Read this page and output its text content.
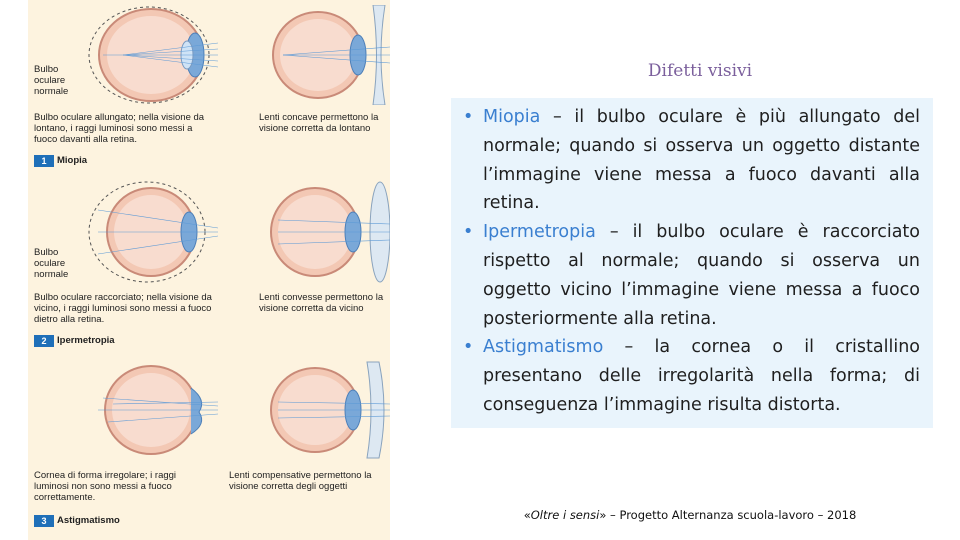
Bulbo oculare normale
Bulbo oculare allungato; nella visione da lontano, i raggi luminosi sono messi a fuoco davanti alla retina.
Lenti concave permettono la visione corretta da lontano
1	Miopia
Bulbo oculare normale
Bulbo oculare raccorciato; nella visione da vicino, i raggi luminosi sono messi a fuoco dietro alla retina.
Lenti convesse permettono la visione corretta da vicino
2	Ipermetropia
Cornea di forma irregolare; i raggi luminosi non sono messi a fuoco correttamente.
Lenti compensative permettono la visione corretta degli oggetti
3	Astigmatismo
Difetti visivi
• Miopia – il bulbo oculare è più allungato del normale; quando si osserva un oggetto distante l’immagine viene messa a fuoco davanti alla retina.
• Ipermetropia – il bulbo oculare è raccorciato rispetto al normale; quando si osserva un oggetto vicino l’immagine viene messa a fuoco posteriormente alla retina.
• Astigmatismo – la cornea o il cristallino presentano delle irregolarità nella forma; di conseguenza l’immagine risulta distorta.
«Oltre i sensi» – Progetto Alternanza scuola-lavoro – 2018
